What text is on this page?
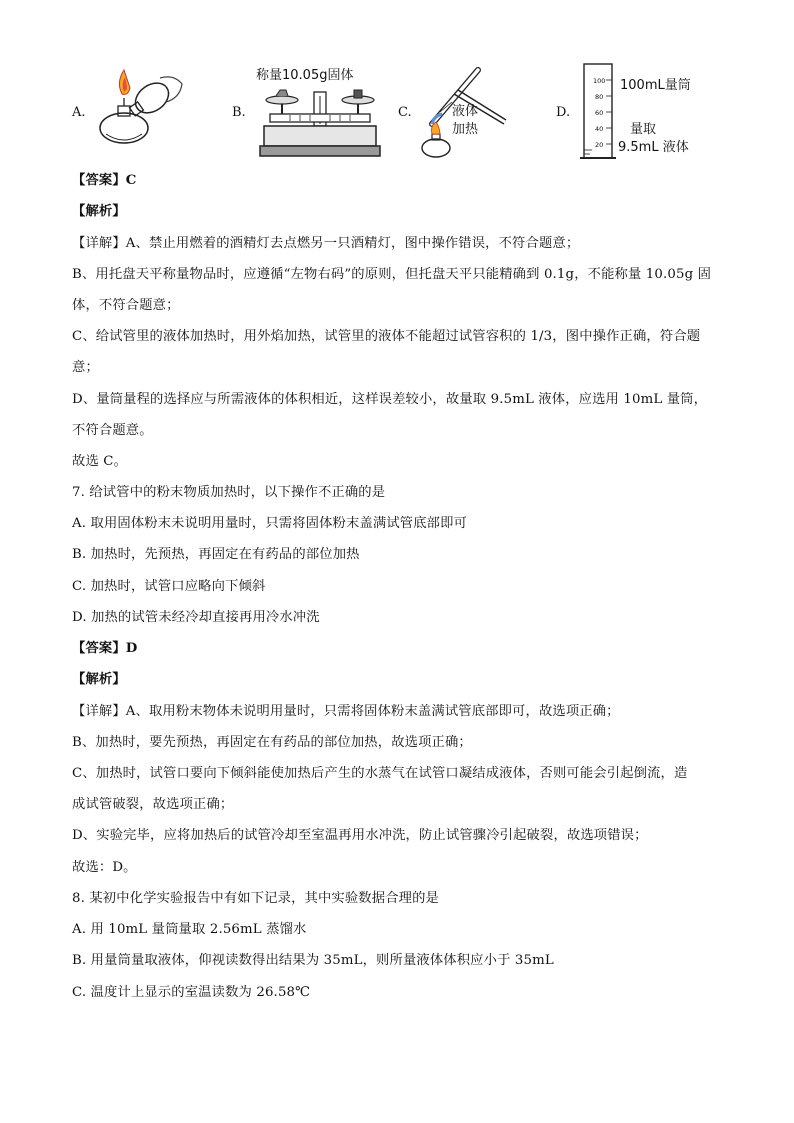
A.	B.
称量10.05g固体
C.	液体
加热
D.
100
80
60
40
20
100mL量筒
量取
9.5mL 液体
【答案】C
【解析】
【详解】A、禁止用燃着的酒精灯去点燃另一只酒精灯，图中操作错误，不符合题意；
B、用托盘天平称量物品时，应遵循“左物右码”的原则，但托盘天平只能精确到 0.1g，不能称量 10.05g 固
体，不符合题意；
C、给试管里的液体加热时，用外焰加热，试管里的液体不能超过试管容积的 1/3，图中操作正确，符合题
意；
D、量筒量程的选择应与所需液体的体积相近，这样误差较小，故量取 9.5mL 液体，应选用 10mL 量筒，
不符合题意。
故选 C。
7. 给试管中的粉末物质加热时，以下操作不正确的是
A. 取用固体粉末未说明用量时，只需将固体粉末盖满试管底部即可
B. 加热时，先预热，再固定在有药品的部位加热
C. 加热时，试管口应略向下倾斜
D. 加热的试管未经冷却直接再用冷水冲洗
【答案】D
【解析】
【详解】A、取用粉末物体未说明用量时，只需将固体粉末盖满试管底部即可，故选项正确；
B、加热时，要先预热，再固定在有药品的部位加热，故选项正确；
C、加热时，试管口要向下倾斜能使加热后产生的水蒸气在试管口凝结成液体，否则可能会引起倒流，造
成试管破裂，故选项正确；
D、实验完毕，应将加热后的试管冷却至室温再用水冲洗，防止试管骤冷引起破裂，故选项错误；
故选：D。
8. 某初中化学实验报告中有如下记录，其中实验数据合理的是
A. 用 10mL 量筒量取 2.56mL 蒸馏水
B. 用量筒量取液体，仰视读数得出结果为 35mL，则所量液体体积应小于 35mL
C. 温度计上显示的室温读数为 26.58℃
